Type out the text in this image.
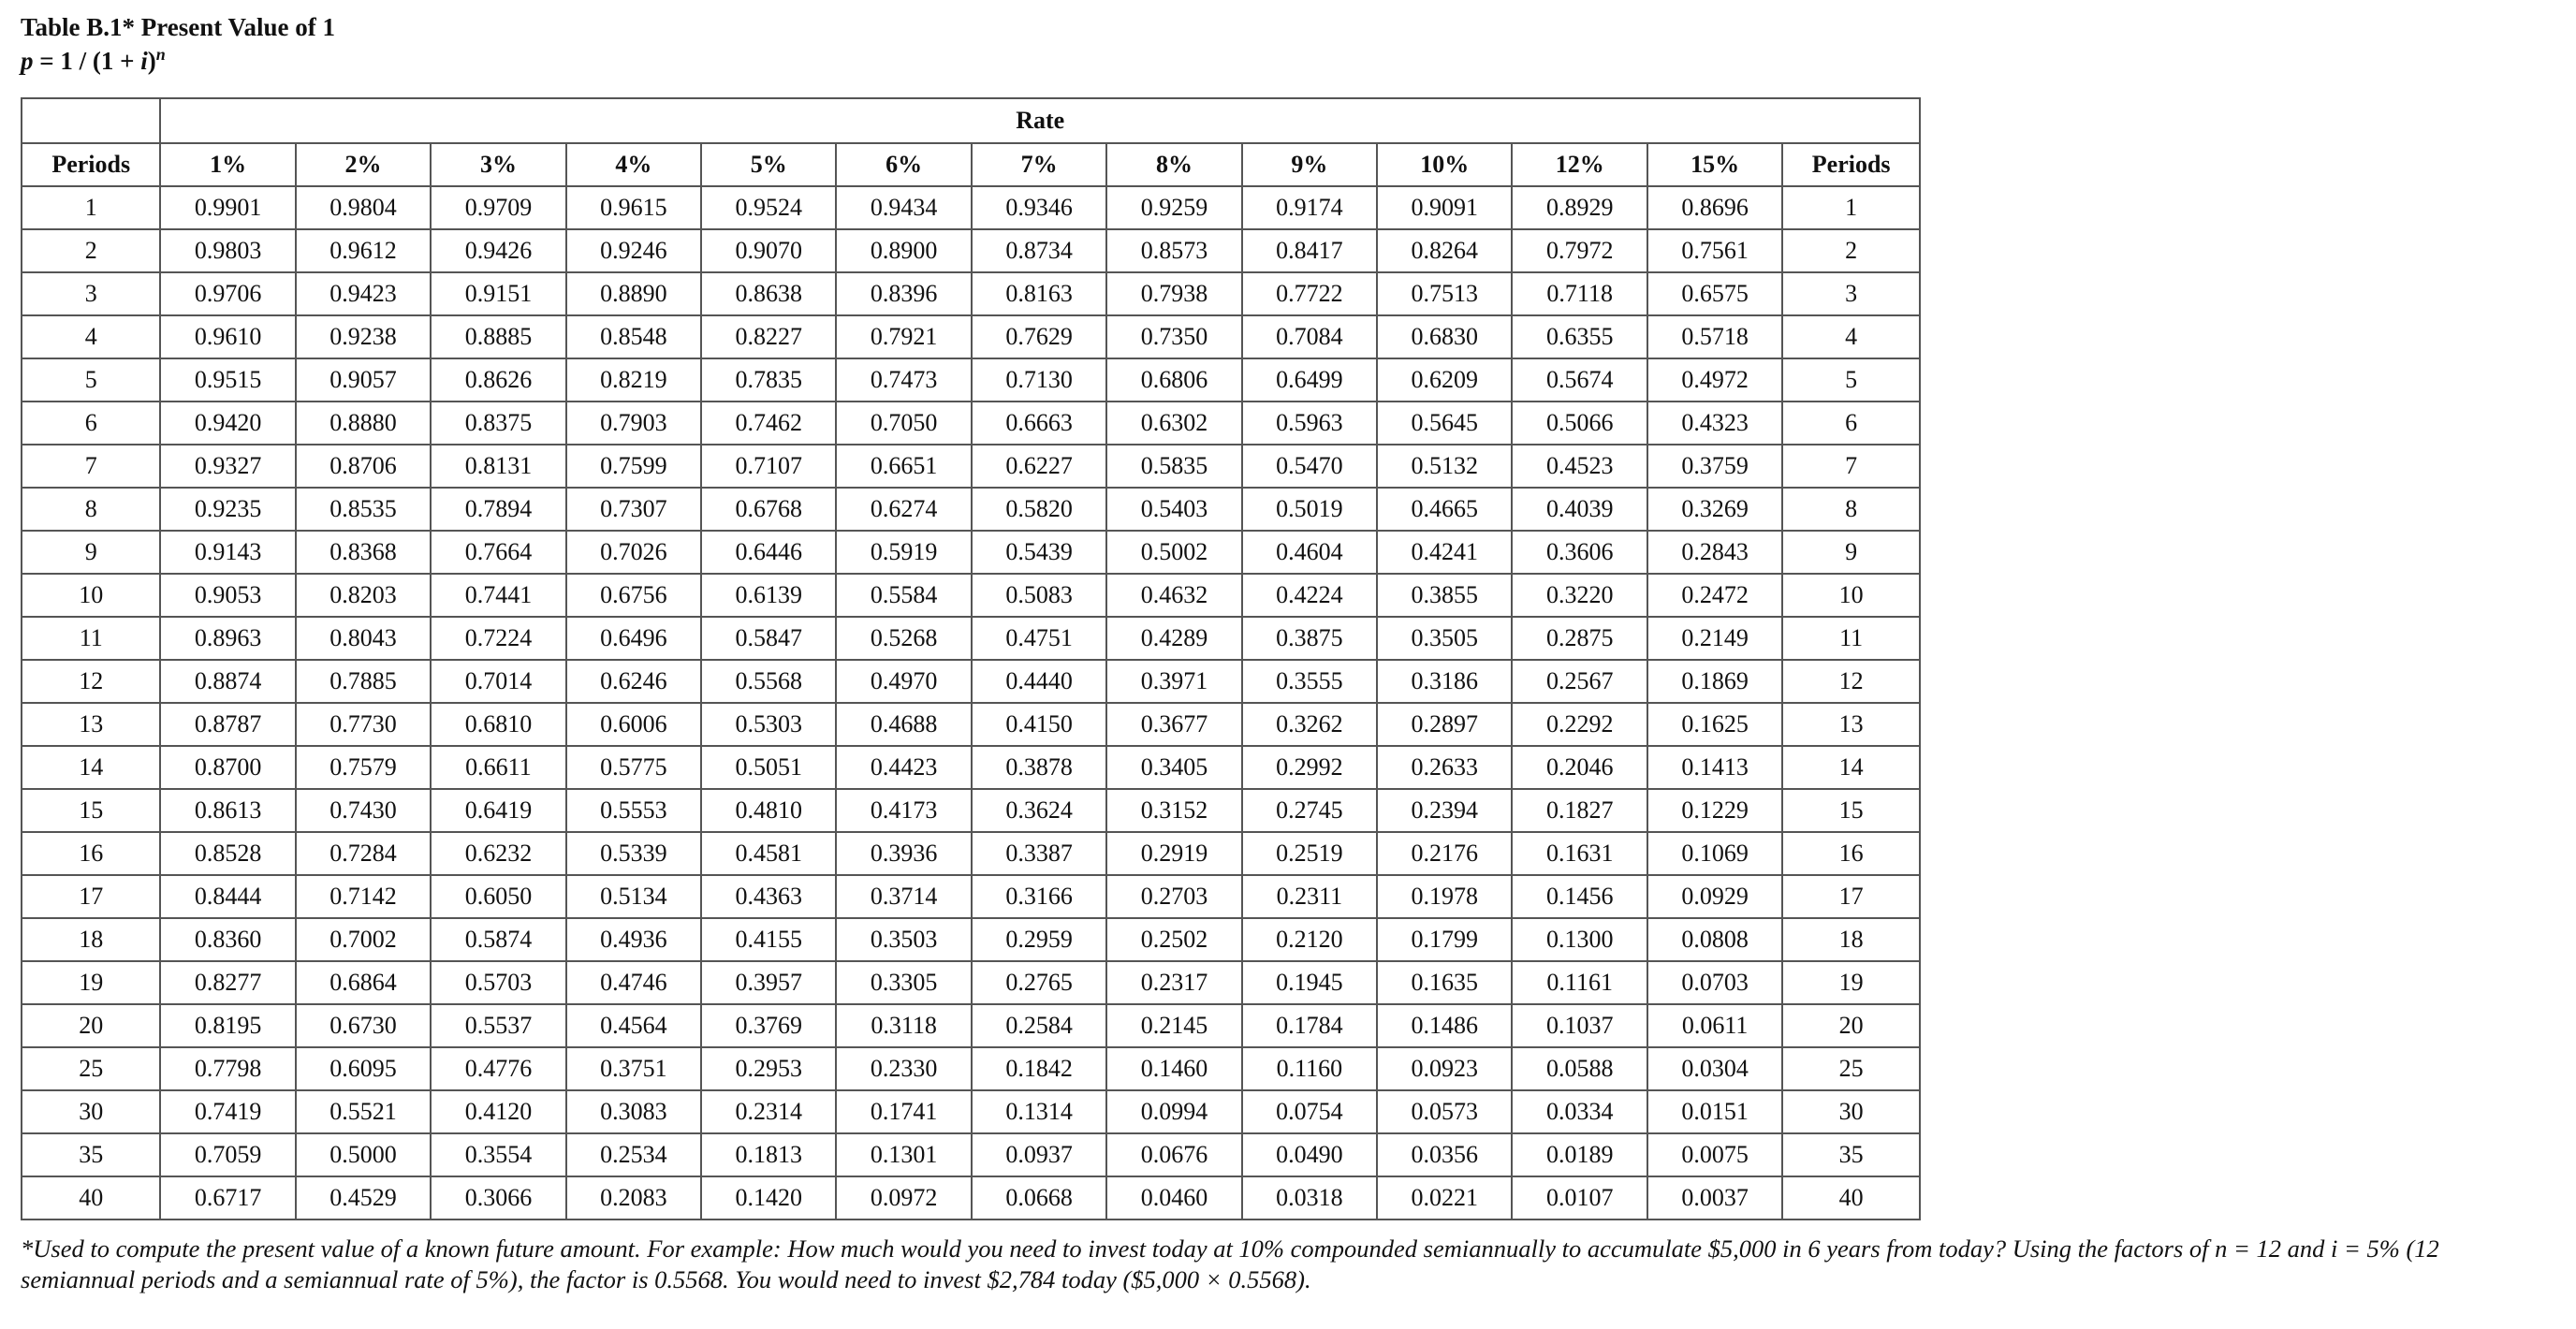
Table B.1* Present Value of 1
$p = 1 / (1 + i)^n$
	Rate												
Periods	1%	2%	3%	4%	5%	6%	7%	8%	9%	10%	12%	15%	Periods
1	0.9901	0.9804	0.9709	0.9615	0.9524	0.9434	0.9346	0.9259	0.9174	0.9091	0.8929	0.8696	1
2	0.9803	0.9612	0.9426	0.9246	0.9070	0.8900	0.8734	0.8573	0.8417	0.8264	0.7972	0.7561	2
3	0.9706	0.9423	0.9151	0.8890	0.8638	0.8396	0.8163	0.7938	0.7722	0.7513	0.7118	0.6575	3
4	0.9610	0.9238	0.8885	0.8548	0.8227	0.7921	0.7629	0.7350	0.7084	0.6830	0.6355	0.5718	4
5	0.9515	0.9057	0.8626	0.8219	0.7835	0.7473	0.7130	0.6806	0.6499	0.6209	0.5674	0.4972	5
6	0.9420	0.8880	0.8375	0.7903	0.7462	0.7050	0.6663	0.6302	0.5963	0.5645	0.5066	0.4323	6
7	0.9327	0.8706	0.8131	0.7599	0.7107	0.6651	0.6227	0.5835	0.5470	0.5132	0.4523	0.3759	7
8	0.9235	0.8535	0.7894	0.7307	0.6768	0.6274	0.5820	0.5403	0.5019	0.4665	0.4039	0.3269	8
9	0.9143	0.8368	0.7664	0.7026	0.6446	0.5919	0.5439	0.5002	0.4604	0.4241	0.3606	0.2843	9
10	0.9053	0.8203	0.7441	0.6756	0.6139	0.5584	0.5083	0.4632	0.4224	0.3855	0.3220	0.2472	10
11	0.8963	0.8043	0.7224	0.6496	0.5847	0.5268	0.4751	0.4289	0.3875	0.3505	0.2875	0.2149	11
12	0.8874	0.7885	0.7014	0.6246	0.5568	0.4970	0.4440	0.3971	0.3555	0.3186	0.2567	0.1869	12
13	0.8787	0.7730	0.6810	0.6006	0.5303	0.4688	0.4150	0.3677	0.3262	0.2897	0.2292	0.1625	13
14	0.8700	0.7579	0.6611	0.5775	0.5051	0.4423	0.3878	0.3405	0.2992	0.2633	0.2046	0.1413	14
15	0.8613	0.7430	0.6419	0.5553	0.4810	0.4173	0.3624	0.3152	0.2745	0.2394	0.1827	0.1229	15
16	0.8528	0.7284	0.6232	0.5339	0.4581	0.3936	0.3387	0.2919	0.2519	0.2176	0.1631	0.1069	16
17	0.8444	0.7142	0.6050	0.5134	0.4363	0.3714	0.3166	0.2703	0.2311	0.1978	0.1456	0.0929	17
18	0.8360	0.7002	0.5874	0.4936	0.4155	0.3503	0.2959	0.2502	0.2120	0.1799	0.1300	0.0808	18
19	0.8277	0.6864	0.5703	0.4746	0.3957	0.3305	0.2765	0.2317	0.1945	0.1635	0.1161	0.0703	19
20	0.8195	0.6730	0.5537	0.4564	0.3769	0.3118	0.2584	0.2145	0.1784	0.1486	0.1037	0.0611	20
25	0.7798	0.6095	0.4776	0.3751	0.2953	0.2330	0.1842	0.1460	0.1160	0.0923	0.0588	0.0304	25
30	0.7419	0.5521	0.4120	0.3083	0.2314	0.1741	0.1314	0.0994	0.0754	0.0573	0.0334	0.0151	30
35	0.7059	0.5000	0.3554	0.2534	0.1813	0.1301	0.0937	0.0676	0.0490	0.0356	0.0189	0.0075	35
40	0.6717	0.4529	0.3066	0.2083	0.1420	0.0972	0.0668	0.0460	0.0318	0.0221	0.0107	0.0037	40
*Used to compute the present value of a known future amount. For example: How much would you need to invest today at 10% compounded semiannually to accumulate $5,000 in 6 years from today? Using the factors of n = 12 and i = 5% (12 semiannual periods and a semiannual rate of 5%), the factor is 0.5568. You would need to invest $2,784 today ($5,000 × 0.5568).
